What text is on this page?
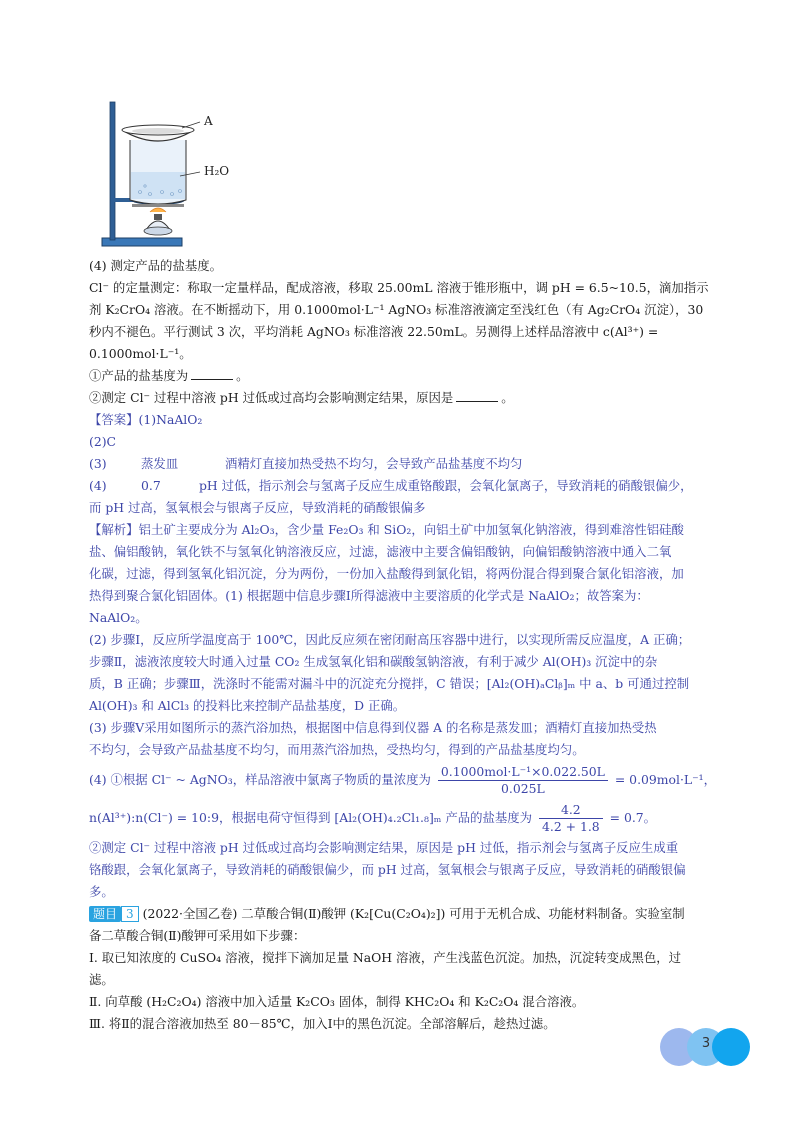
A
H₂O

(4) 测定产品的盐基度。

Cl⁻ 的定量测定：称取一定量样品，配成溶液，移取 25.00mL 溶液于锥形瓶中，调 pH = 6.5~10.5，滴加指示

剂 K₂CrO₄ 溶液。在不断摇动下，用 0.1000mol·L⁻¹ AgNO₃ 标准溶液滴定至浅红色（有 Ag₂CrO₄ 沉淀），30

秒内不褪色。平行测试 3 次，平均消耗 AgNO₃ 标准溶液 22.50mL。另测得上述样品溶液中 c(Al³⁺) =

0.1000mol·L⁻¹。

①产品的盐基度为	。

②测定 Cl⁻ 过程中溶液 pH 过低或过高均会影响测定结果，原因是	。

【答案】(1)NaAlO₂

(2)C

(3)	蒸发皿	酒精灯直接加热受热不均匀，会导致产品盐基度不均匀

(4)	0.7	pH 过低，指示剂会与氢离子反应生成重铬酸跟，会氧化氯离子，导致消耗的硝酸银偏少，

而 pH 过高，氢氧根会与银离子反应，导致消耗的硝酸银偏多

【解析】铝土矿主要成分为 Al₂O₃，含少量 Fe₂O₃ 和 SiO₂，向铝土矿中加氢氧化钠溶液，得到难溶性铝硅酸

盐、偏铝酸钠，氧化铁不与氢氧化钠溶液反应，过滤，滤液中主要含偏铝酸钠，向偏铝酸钠溶液中通入二氧

化碳，过滤，得到氢氧化铝沉淀，分为两份，一份加入盐酸得到氯化铝，将两份混合得到聚合氯化铝溶液，加

热得到聚合氯化铝固体。(1) 根据题中信息步骤Ⅰ所得滤液中主要溶质的化学式是 NaAlO₂；故答案为：

NaAlO₂。

(2) 步骤Ⅰ，反应所学温度高于 100℃，因此反应须在密闭耐高压容器中进行，以实现所需反应温度，A 正确；

步骤Ⅱ，滤液浓度较大时通入过量 CO₂ 生成氢氧化铝和碳酸氢钠溶液，有利于减少 Al(OH)₃ 沉淀中的杂

质，B 正确；步骤Ⅲ，洗涤时不能需对漏斗中的沉淀充分搅拌，C 错误；[Al₂(OH)ₐClᵦ]ₘ 中 a、b 可通过控制

Al(OH)₃ 和 AlCl₃ 的投料比来控制产品盐基度，D 正确。

(3) 步骤Ⅴ采用如图所示的蒸汽浴加热，根据图中信息得到仪器 A 的名称是蒸发皿；酒精灯直接加热受热

不均匀，会导致产品盐基度不均匀，而用蒸汽浴加热，受热均匀，得到的产品盐基度均匀。

(4) ①根据 Cl⁻ ~ AgNO₃，样品溶液中氯离子物质的量浓度为 $\frac{\text{0.1000mol·L⁻¹×0.022.50L}}{0.025L} = 0.09mol\cdot L^{-1}$，

n(Al³⁺):n(Cl⁻) = 10:9，根据电荷守恒得到 [Al₂(OH)₄.₂Cl₁.₈]ₘ 产品的盐基度为 $\frac{4.2}{4.2 + 1.8} = 0.7$。

②测定 Cl⁻ 过程中溶液 pH 过低或过高均会影响测定结果，原因是 pH 过低，指示剂会与氢离子反应生成重

铬酸跟，会氧化氯离子，导致消耗的硝酸银偏少，而 pH 过高，氢氧根会与银离子反应，导致消耗的硝酸银偏

多。

题目 3 (2022·全国乙卷) 二草酸合铜(Ⅱ)酸钾 (K₂[Cu(C₂O₄)₂]) 可用于无机合成、功能材料制备。实验室制

备二草酸合铜(Ⅱ)酸钾可采用如下步骤：

Ⅰ. 取已知浓度的 CuSO₄ 溶液，搅拌下滴加足量 NaOH 溶液，产生浅蓝色沉淀。加热，沉淀转变成黑色，过

滤。

Ⅱ. 向草酸 (H₂C₂O₄) 溶液中加入适量 K₂CO₃ 固体，制得 KHC₂O₄ 和 K₂C₂O₄ 混合溶液。

Ⅲ. 将Ⅱ的混合溶液加热至 80－85℃，加入Ⅰ中的黑色沉淀。全部溶解后，趁热过滤。

3
